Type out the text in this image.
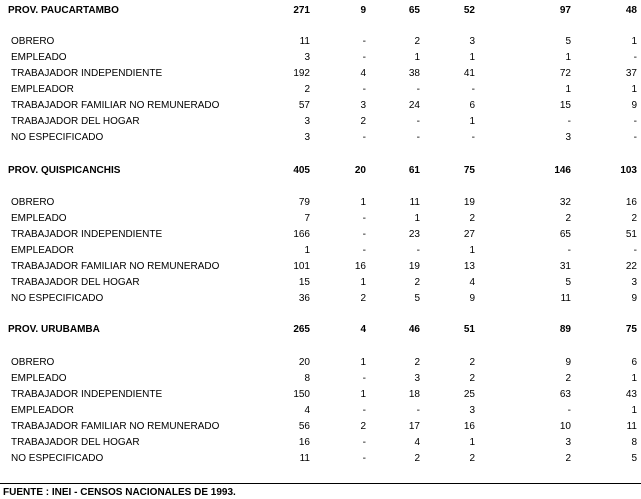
PROV. PAUCARTAMBO	271	9	65	52	97	48
OBRERO	11	-	2	3	5	1
EMPLEADO	3	-	1	1	1	-
TRABAJADOR INDEPENDIENTE	192	4	38	41	72	37
EMPLEADOR	2	-	-	-	1	1
TRABAJADOR FAMILIAR NO REMUNERADO	57	3	24	6	15	9
TRABAJADOR DEL HOGAR	3	2	-	1	-	-
NO ESPECIFICADO	3	-	-	-	3	-
PROV. QUISPICANCHIS	405	20	61	75	146	103
OBRERO	79	1	11	19	32	16
EMPLEADO	7	-	1	2	2	2
TRABAJADOR INDEPENDIENTE	166	-	23	27	65	51
EMPLEADOR	1	-	-	1	-	-
TRABAJADOR FAMILIAR NO REMUNERADO	101	16	19	13	31	22
TRABAJADOR DEL HOGAR	15	1	2	4	5	3
NO ESPECIFICADO	36	2	5	9	11	9
PROV. URUBAMBA	265	4	46	51	89	75
OBRERO	20	1	2	2	9	6
EMPLEADO	8	-	3	2	2	1
TRABAJADOR INDEPENDIENTE	150	1	18	25	63	43
EMPLEADOR	4	-	-	3	-	1
TRABAJADOR FAMILIAR NO REMUNERADO	56	2	17	16	10	11
TRABAJADOR DEL HOGAR	16	-	4	1	3	8
NO ESPECIFICADO	11	-	2	2	2	5
FUENTE : INEI - CENSOS NACIONALES DE 1993.
